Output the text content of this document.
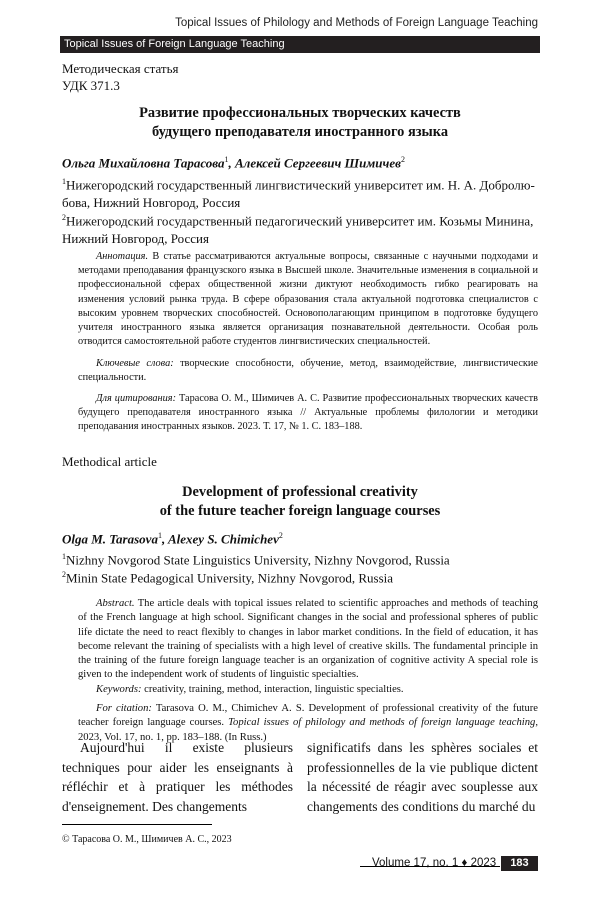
Topical Issues of Philology and Methods of Foreign Language Teaching
Topical Issues of Foreign Language Teaching
Методическая статья
УДК 371.3
Развитие профессиональных творческих качеств
будущего преподавателя иностранного языка
Ольга Михайловна Тарасова$^1$, Алексей Сергеевич Шимичев$^2$
$^1$Нижегородский государственный лингвистический университет им. Н. А. Добролю-
бова, Нижний Новгород, Россия
$^2$Нижегородский государственный педагогический университет им. Козьмы Минина,
Нижний Новгород, Россия
Аннотация. В статье рассматриваются актуальные вопросы, связанные с научными подходами и методами преподавания французского языка в Высшей школе. Значительные изменения в социальной и профессиональной сферах общественной жизни диктуют необходимость гибко реагировать на изменения условий рынка труда. В сфере образования стала актуальной подготовка специалистов с высоким уровнем творческих способностей. Основополагающим принципом в подготовке будущего учителя иностранного языка является организация познавательной деятельности. Особая роль отводится самостоятельной работе студентов лингвистических специальностей.
Ключевые слова: творческие способности, обучение, метод, взаимодействие, лингвистические специальности.
Для цитирования: Тарасова О. М., Шимичев А. С. Развитие профессиональных творческих качеств будущего преподавателя иностранного языка // Актуальные проблемы филологии и методики преподавания иностранных языков. 2023. Т. 17, № 1. С. 183–188.
Methodical article
Development of professional creativity
of the future teacher foreign language courses
Olga M. Tarasova$^1$, Alexey S. Chimichev$^2$
$^1$Nizhny Novgorod State Linguistics University, Nizhny Novgorod, Russia
$^2$Minin State Pedagogical University, Nizhny Novgorod, Russia
Abstract. The article deals with topical issues related to scientific approaches and methods of teaching of the French language at high school. Significant changes in the social and professional spheres of public life dictate the need to react flexibly to changes in labor market conditions. In the field of education, it has become relevant the training of specialists with a high level of creative skills. The fundamental principle in the training of the future foreign language teacher is an organization of cognitive activity A special role is given to the independent work of students of linguistic specialties.
Keywords: creativity, training, method, interaction, linguistic specialties.
For citation: Tarasova O. M., Chimichev A. S. Development of professional creativity of the future teacher foreign language courses. Topical issues of philology and methods of foreign language teaching, 2023, Vol. 17, no. 1, pp. 183–188. (In Russ.)
Aujourd'hui il existe plusieurs techniques pour aider les enseignants à réfléchir et à pratiquer les méthodes d'enseignement. Des changements
significatifs dans les sphères sociales et professionnelles de la vie publique dictent la nécessité de réagir avec souplesse aux changements des conditions du marché du
© Тарасова О. М., Шимичев А. С., 2023
Volume 17, no. 1 ♦ 2023	183
